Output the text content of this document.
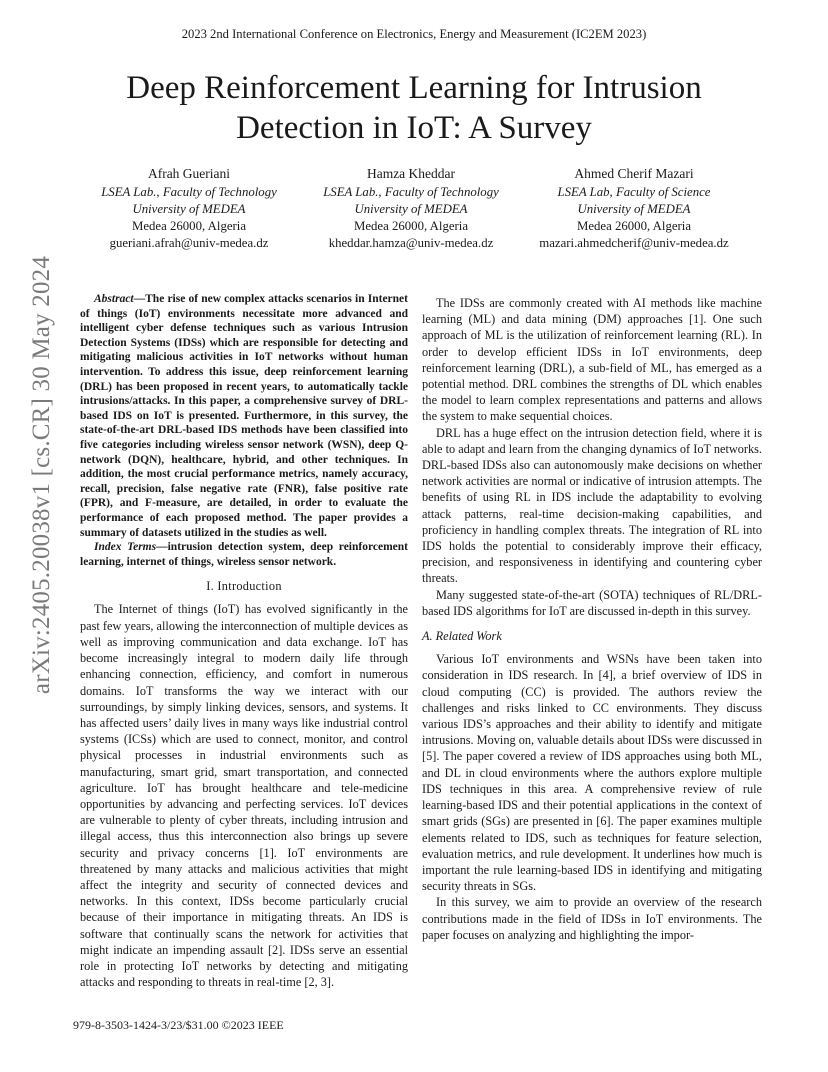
2023 2nd International Conference on Electronics, Energy and Measurement (IC2EM 2023)
Deep Reinforcement Learning for Intrusion
Detection in IoT: A Survey
Afrah Gueriani
LSEA Lab., Faculty of Technology
University of MEDEA
Medea 26000, Algeria
gueriani.afrah@univ-medea.dz
Hamza Kheddar
LSEA Lab., Faculty of Technology
University of MEDEA
Medea 26000, Algeria
kheddar.hamza@univ-medea.dz
Ahmed Cherif Mazari
LSEA Lab, Faculty of Science
University of MEDEA
Medea 26000, Algeria
mazari.ahmedcherif@univ-medea.dz
arXiv:2405.20038v1 [cs.CR] 30 May 2024	Abstract—The rise of new complex attacks scenarios in Internet of things (IoT) environments necessitate more advanced and intelligent cyber defense techniques such as various Intrusion Detection Systems (IDSs) which are responsible for detecting and mitigating malicious activities in IoT networks without human intervention. To address this issue, deep reinforcement learning (DRL) has been proposed in recent years, to automatically tackle intrusions/attacks. In this paper, a comprehensive survey of DRL-based IDS on IoT is presented. Furthermore, in this survey, the state-of-the-art DRL-based IDS methods have been classified into five categories including wireless sensor network (WSN), deep Q-network (DQN), healthcare, hybrid, and other techniques. In addition, the most crucial performance metrics, namely accuracy, recall, precision, false negative rate (FNR), false positive rate (FPR), and F-measure, are detailed, in order to evaluate the performance of each proposed method. The paper provides a summary of datasets utilized in the studies as well.

Index Terms—intrusion detection system, deep reinforcement learning, internet of things, wireless sensor network.

I. Introduction

The Internet of things (IoT) has evolved significantly in the past few years, allowing the interconnection of multiple devices as well as improving communication and data exchange. IoT has become increasingly integral to modern daily life through enhancing connection, efficiency, and comfort in numerous domains. IoT transforms the way we interact with our surroundings, by simply linking devices, sensors, and systems. It has affected users’ daily lives in many ways like industrial control systems (ICSs) which are used to connect, monitor, and control physical processes in industrial environments such as manufacturing, smart grid, smart transportation, and connected agriculture. IoT has brought healthcare and tele-medicine opportunities by advancing and perfecting services. IoT devices are vulnerable to plenty of cyber threats, including intrusion and illegal access, thus this interconnection also brings up severe security and privacy concerns [1]. IoT environments are threatened by many attacks and malicious activities that might affect the integrity and security of connected devices and networks. In this context, IDSs become particularly crucial because of their importance in mitigating threats. An IDS is software that continually scans the network for activities that might indicate an impending assault [2]. IDSs serve an essential role in protecting IoT networks by detecting and mitigating attacks and responding to threats in real-time [2, 3].

The IDSs are commonly created with AI methods like machine learning (ML) and data mining (DM) approaches [1]. One such approach of ML is the utilization of reinforcement learning (RL). In order to develop efficient IDSs in IoT environments, deep reinforcement learning (DRL), a sub-field of ML, has emerged as a potential method. DRL combines the strengths of DL which enables the model to learn complex representations and patterns and allows the system to make sequential choices.

DRL has a huge effect on the intrusion detection field, where it is able to adapt and learn from the changing dynamics of IoT networks. DRL-based IDSs also can autonomously make decisions on whether network activities are normal or indicative of intrusion attempts. The benefits of using RL in IDS include the adaptability to evolving attack patterns, real-time decision-making capabilities, and proficiency in handling complex threats. The integration of RL into IDS holds the potential to considerably improve their efficacy, precision, and responsiveness in identifying and countering cyber threats.

Many suggested state-of-the-art (SOTA) techniques of RL/DRL-based IDS algorithms for IoT are discussed in-depth in this survey.

A. Related Work

Various IoT environments and WSNs have been taken into consideration in IDS research. In [4], a brief overview of IDS in cloud computing (CC) is provided. The authors review the challenges and risks linked to CC environments. They discuss various IDS’s approaches and their ability to identify and mitigate intrusions. Moving on, valuable details about IDSs were discussed in [5]. The paper covered a review of IDS approaches using both ML, and DL in cloud environments where the authors explore multiple IDS techniques in this area. A comprehensive review of rule learning-based IDS and their potential applications in the context of smart grids (SGs) are presented in [6]. The paper examines multiple elements related to IDS, such as techniques for feature selection, evaluation metrics, and rule development. It underlines how much is important the rule learning-based IDS in identifying and mitigating security threats in SGs.

In this survey, we aim to provide an overview of the research contributions made in the field of IDSs in IoT environments. The paper focuses on analyzing and highlighting the impor-

979-8-3503-1424-3/23/$31.00 ©2023 IEEE
